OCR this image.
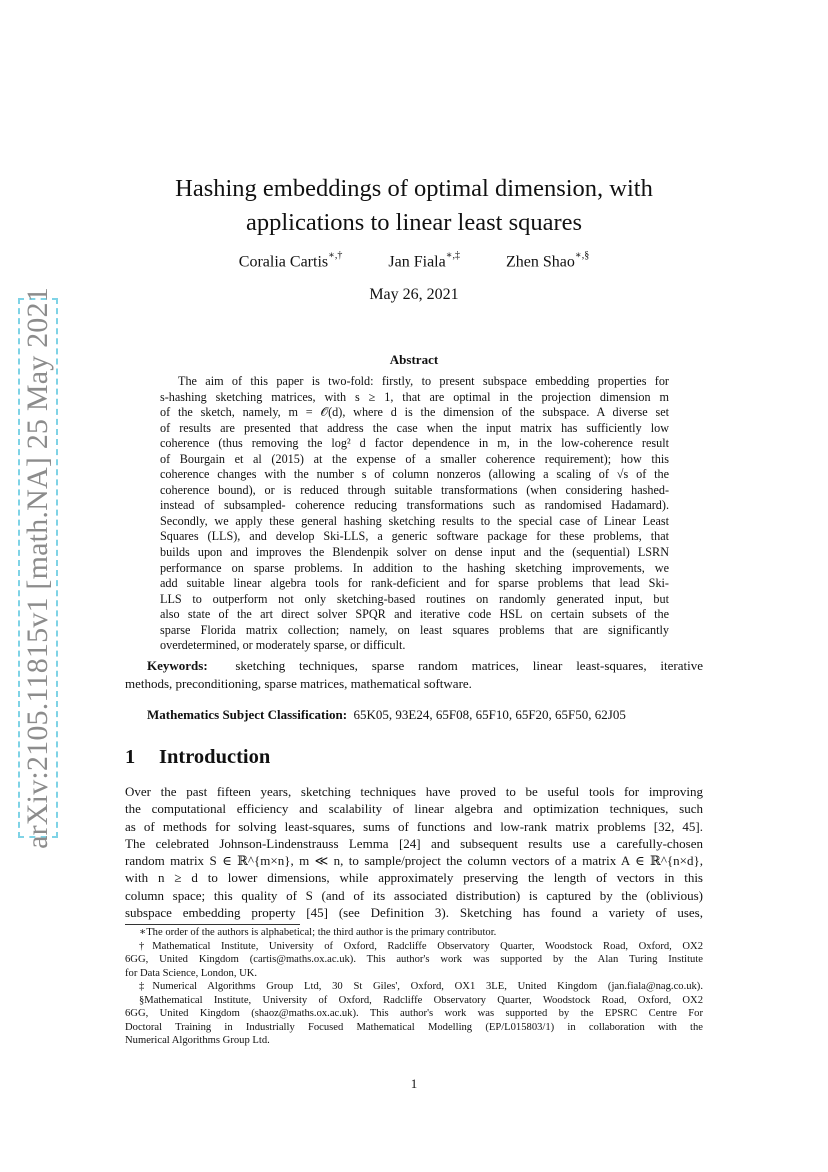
arXiv:2105.11815v1 [math.NA] 25 May 2021
Hashing embeddings of optimal dimension, with
applications to linear least squares
Coralia Cartis∗,†	Jan Fiala∗,‡	Zhen Shao∗,§
May 26, 2021
Abstract
The aim of this paper is two-fold: firstly, to present subspace embedding properties for
s-hashing sketching matrices, with s ≥ 1, that are optimal in the projection dimension m
of the sketch, namely, m = 𝒪(d), where d is the dimension of the subspace. A diverse set
of results are presented that address the case when the input matrix has sufficiently low
coherence (thus removing the log² d factor dependence in m, in the low-coherence result
of Bourgain et al (2015) at the expense of a smaller coherence requirement); how this
coherence changes with the number s of column nonzeros (allowing a scaling of √s of the
coherence bound), or is reduced through suitable transformations (when considering hashed-
instead of subsampled- coherence reducing transformations such as randomised Hadamard).
Secondly, we apply these general hashing sketching results to the special case of Linear Least
Squares (LLS), and develop Ski-LLS, a generic software package for these problems, that
builds upon and improves the Blendenpik solver on dense input and the (sequential) LSRN
performance on sparse problems. In addition to the hashing sketching improvements, we
add suitable linear algebra tools for rank-deficient and for sparse problems that lead Ski-
LLS to outperform not only sketching-based routines on randomly generated input, but
also state of the art direct solver SPQR and iterative code HSL on certain subsets of the
sparse Florida matrix collection; namely, on least squares problems that are significantly
overdetermined, or moderately sparse, or difficult.
Keywords: sketching techniques, sparse random matrices, linear least-squares, iterative
methods, preconditioning, sparse matrices, mathematical software.
Mathematics Subject Classification: 65K05, 93E24, 65F08, 65F10, 65F20, 65F50, 62J05
1 Introduction
Over the past fifteen years, sketching techniques have proved to be useful tools for improving
the computational efficiency and scalability of linear algebra and optimization techniques, such
as of methods for solving least-squares, sums of functions and low-rank matrix problems [32, 45].
The celebrated Johnson-Lindenstrauss Lemma [24] and subsequent results use a carefully-chosen
random matrix S ∈ ℝ^{m×n}, m ≪ n, to sample/project the column vectors of a matrix A ∈ ℝ^{n×d},
with n ≥ d to lower dimensions, while approximately preserving the length of vectors in this
column space; this quality of S (and of its associated distribution) is captured by the (oblivious)
subspace embedding property [45] (see Definition 3). Sketching has found a variety of uses,
∗The order of the authors is alphabetical; the third author is the primary contributor.
†Mathematical Institute, University of Oxford, Radcliffe Observatory Quarter, Woodstock Road, Oxford, OX2
6GG, United Kingdom (cartis@maths.ox.ac.uk). This author's work was supported by the Alan Turing Institute
for Data Science, London, UK.
‡Numerical Algorithms Group Ltd, 30 St Giles', Oxford, OX1 3LE, United Kingdom (jan.fiala@nag.co.uk).
§Mathematical Institute, University of Oxford, Radcliffe Observatory Quarter, Woodstock Road, Oxford, OX2
6GG, United Kingdom (shaoz@maths.ox.ac.uk). This author's work was supported by the EPSRC Centre For
Doctoral Training in Industrially Focused Mathematical Modelling (EP/L015803/1) in collaboration with the
Numerical Algorithms Group Ltd.
1
